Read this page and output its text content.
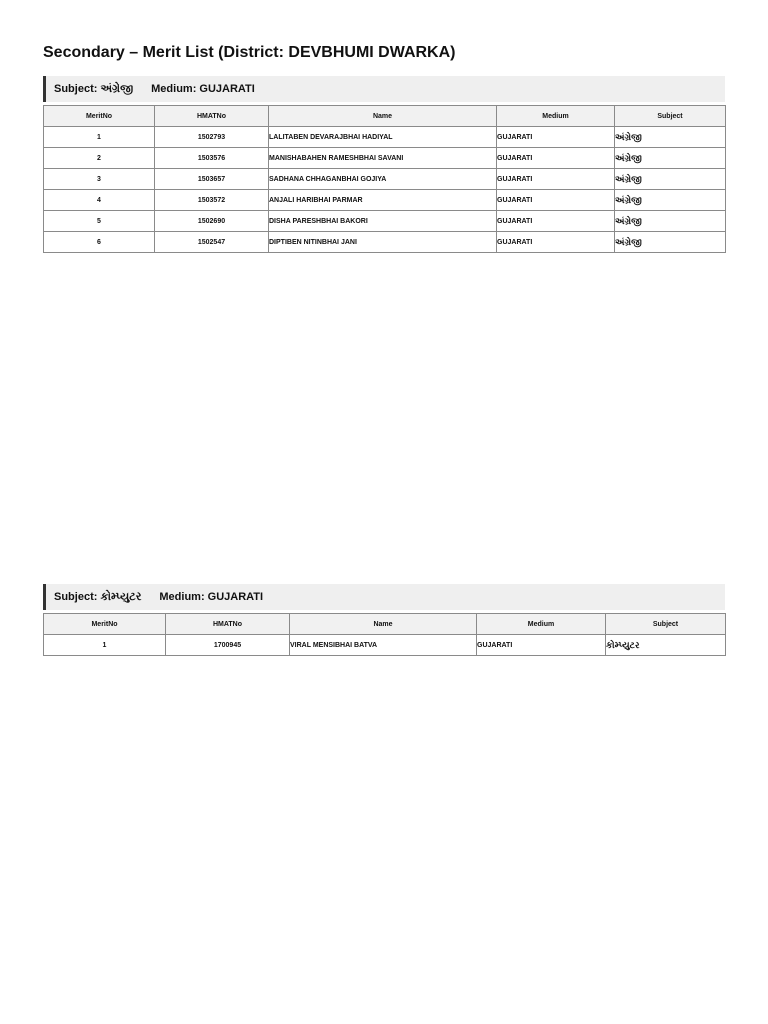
Secondary – Merit List (District: DEVBHUMI DWARKA)
Subject: અંગ્રેજી Medium: GUJARATI
MeritNo	HMATNo	Name	Medium	Subject
1	1502793	LALITABEN DEVARAJBHAI HADIYAL	GUJARATI	અંગ્રેજી
2	1503576	MANISHABAHEN RAMESHBHAI SAVANI	GUJARATI	અંગ્રેજી
3	1503657	SADHANA CHHAGANBHAI GOJIYA	GUJARATI	અંગ્રેજી
4	1503572	ANJALI HARIBHAI PARMAR	GUJARATI	અંગ્રેજી
5	1502690	DISHA PARESHBHAI BAKORI	GUJARATI	અંગ્રેજી
6	1502547	DIPTIBEN NITINBHAI JANI	GUJARATI	અંગ્રેજી
Subject: કોમ્પ્યુટર Medium: GUJARATI
MeritNo	HMATNo	Name	Medium	Subject
1	1700945	VIRAL MENSIBHAI BATVA	GUJARATI	કોમ્પ્યુટર
